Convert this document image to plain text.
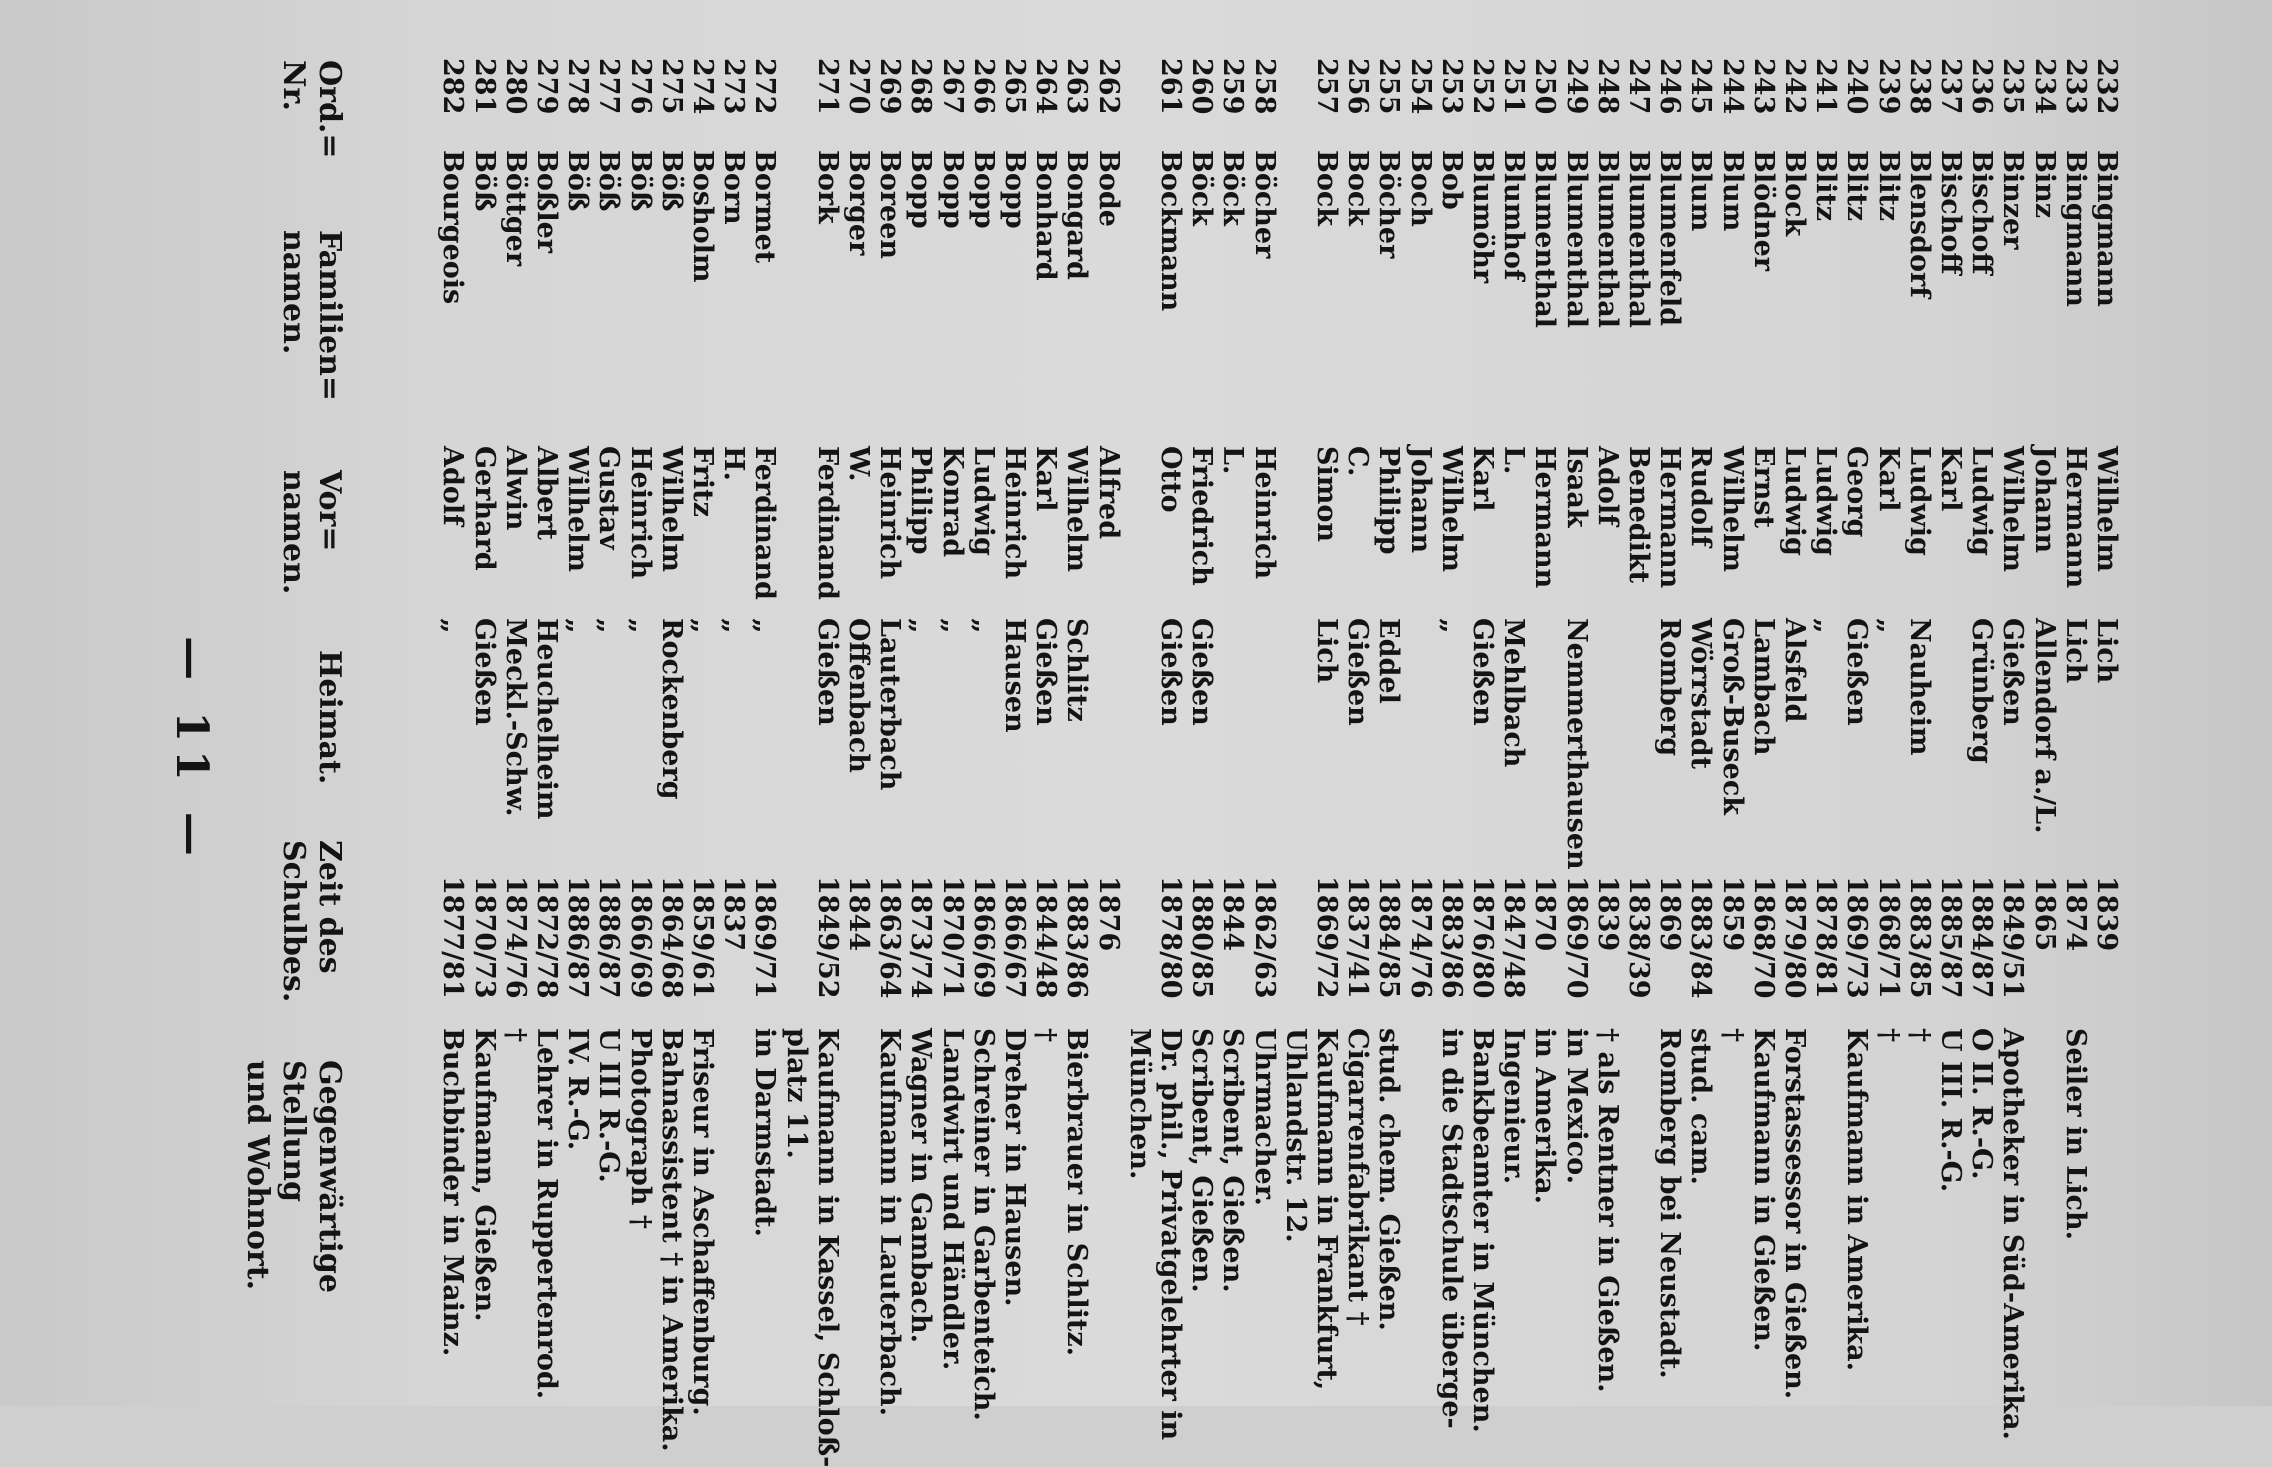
— 11 —
Ord.=
Nr.
Familien=
namen.
Vor=
namen.
Heimat.
Zeit des
Schulbes.
Gegenwärtige Stellung
und Wohnort.
232
Bingmann
Wilhelm
Lich
1839
233
Bingmann
Hermann
Lich
1874
Seiler in Lich.
234
Binz
Johann
Allendorf a./L.
1865
235
Binzer
Wilhelm
Gießen
1849/51
Apotheker in Süd-Amerika.
236
Bischoff
Ludwig
Grünberg
1884/87
O II. R.-G.
237
Bischoff
Karl
1885/87
U III. R.-G.
238
Blensdorf
Ludwig
Nauheim
1883/85
†
239
Blitz
Karl
„
1868/71
†
240
Blitz
Georg
Gießen
1869/73
Kaufmann in Amerika.
241
Blitz
Ludwig
„
1878/81
242
Block
Ludwig
Alsfeld
1879/80
Forstassessor in Gießen.
243
Blödner
Ernst
Lambach
1868/70
Kaufmann in Gießen.
244
Blum
Wilhelm
Groß-Buseck
1859
†
245
Blum
Rudolf
Wörrstadt
1883/84
stud. cam.
246
Blumenfeld
Hermann
Romberg
1869
Romberg bei Neustadt.
247
Blumenthal
Benedikt
1838/39
248
Blumenthal
Adolf
1839
† als Rentner in Gießen.
249
Blumenthal
Isaak
Nemmerthausen
1869/70
in Mexico.
250
Blumenthal
Hermann
1870
in Amerika.
251
Blumhof
L.
Mehlbach
1847/48
Ingenieur.
252
Blumöhr
Karl
Gießen
1876/80
Bankbeamter in München.
253
Bob
Wilhelm
„
1883/86
in die Stadtschule überge-
254
Boch
Johann
1874/76
255
Böcher
Philipp
Eddel
1884/85
stud. chem. Gießen.
256
Bock
C.
Gießen
1837/41
Cigarrenfabrikant †
257
Bock
Simon
Lich
1869/72
Kaufmann in Frankfurt,
Uhlandstr. 12.
258
Böcher
Heinrich
1862/63
Uhrmacher.
259
Böck
L.
1844
Scribent, Gießen.
260
Böck
Friedrich
Gießen
1880/85
Scribent, Gießen.
261
Bockmann
Otto
Gießen
1878/80
Dr. phil., Privatgelehrter in
München.
262
Bode
Alfred
1876
263
Bongard
Wilhelm
Schlitz
1883/86
Bierbrauer in Schlitz.
264
Bonhard
Karl
Gießen
1844/48
†
265
Bopp
Heinrich
Hausen
1866/67
Dreher in Hausen.
266
Bopp
Ludwig
„
1866/69
Schreiner in Garbenteich.
267
Bopp
Konrad
„
1870/71
Landwirt und Händler.
268
Bopp
Philipp
„
1873/74
Wagner in Gambach.
269
Boreen
Heinrich
Lauterbach
1863/64
Kaufmann in Lauterbach.
270
Borger
W.
Offenbach
1844
271
Bork
Ferdinand
Gießen
1849/52
Kaufmann in Kassel, Schloß-
platz 11.
272
Bormet
Ferdinand
„
1869/71
in Darmstadt.
273
Born
H.
„
1837
274
Bosholm
Fritz
„
1859/61
Friseur in Aschaffenburg.
275
Böß
Wilhelm
Rockenberg
1864/68
Bahnassistent † in Amerika.
276
Böß
Heinrich
„
1866/69
Photograph †
277
Böß
Gustav
„
1886/87
U III R.-G.
278
Böß
Wilhelm
„
1886/87
IV. R.-G.
279
Boßler
Albert
Heuchelheim
1872/78
Lehrer in Ruppertenrod.
280
Böttger
Alwin
Meckl.-Schw.
1874/76
†
281
Böß
Gerhard
Gießen
1870/73
Kaufmann, Gießen.
282
Bourgeois
Adolf
„
1877/81
Buchbinder in Mainz.
